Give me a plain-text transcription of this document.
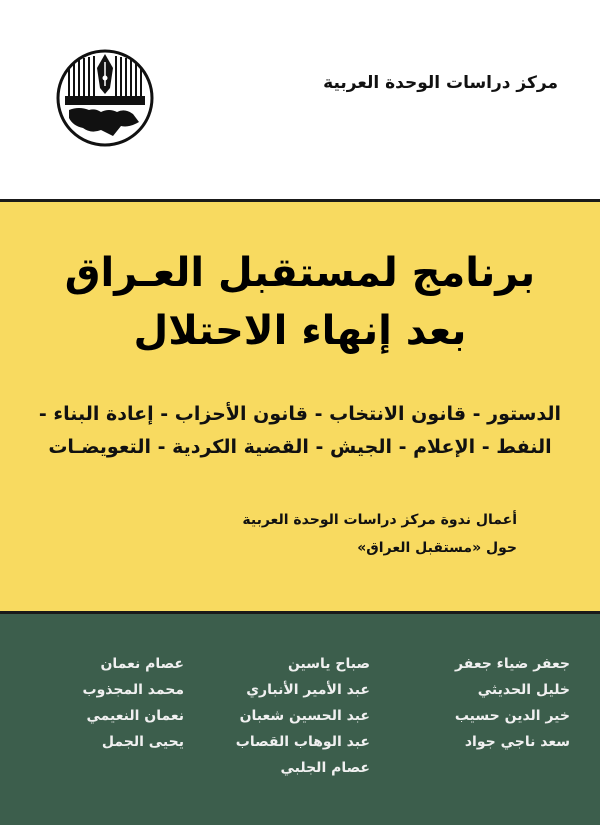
مركز دراسات الوحدة العربية
برنامج لمستقبل العـراق
بعد إنهاء الاحتلال
الدستور - قانون الانتخاب - قانون الأحزاب - إعادة البناء -
النفط - الإعلام - الجيش - القضية الكردية - التعويضـات
أعمال ندوة مركز دراسات الوحدة العربية
حول «مستقبل العراق»
جعفر ضياء جعفر
خليل الحديثي
خير الدين حسيب
سعد ناجي جواد
صباح ياسين
عبد الأمير الأنباري
عبد الحسين شعبان
عبد الوهاب القصاب
عصام الجلبي
عصام نعمان
محمد المجذوب
نعمان النعيمي
يحيى الجمل
